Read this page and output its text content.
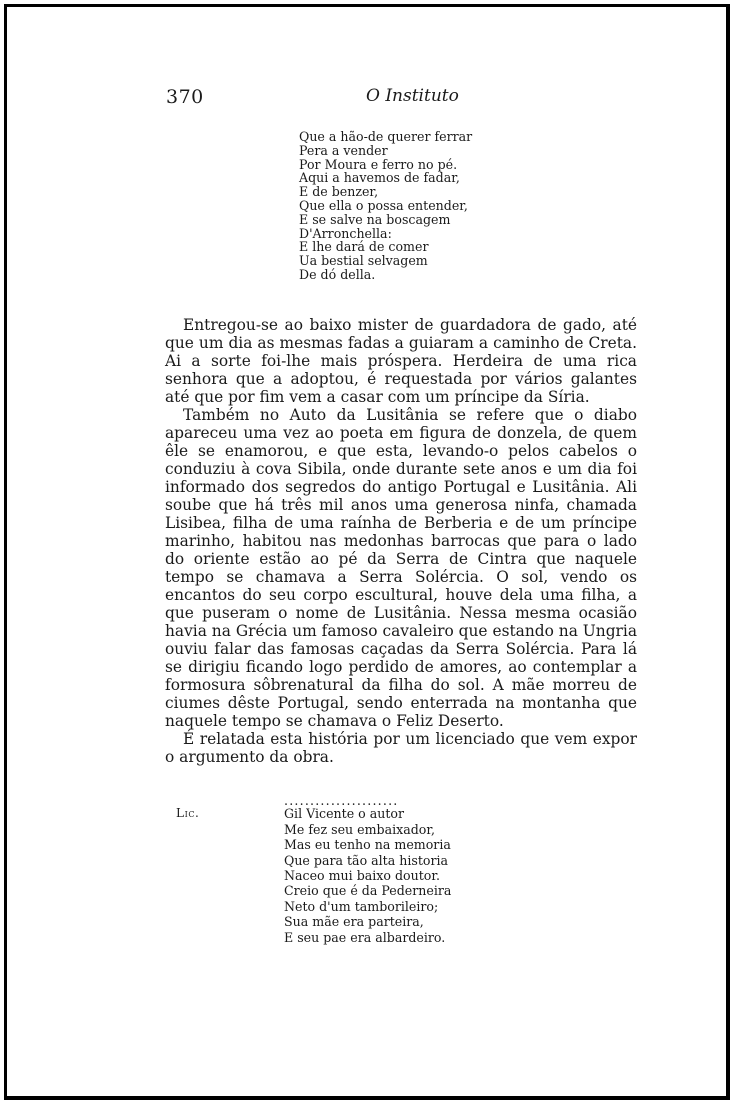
370	O Instituto
Que a hão-de querer ferrar
Pera a vender
Por Moura e ferro no pé.
Aqui a havemos de fadar,
E de benzer,
Que ella o possa entender,
E se salve na boscagem
D'Arronchella:
E lhe dará de comer
Ua bestial selvagem
De dó della.

Entregou-se ao baixo mister de guardadora de gado, até que um dia as mesmas fadas a guiaram a caminho de Creta. Ai a sorte foi-lhe mais próspera. Herdeira de uma rica senhora que a adoptou, é requestada por vários galantes até que por fim vem a casar com um príncipe da Síria.

Também no Auto da Lusitânia se refere que o diabo apareceu uma vez ao poeta em figura de donzela, de quem êle se enamorou, e que esta, levando-o pelos cabelos o conduziu à cova Sibila, onde durante sete anos e um dia foi informado dos segredos do antigo Portugal e Lusitânia. Ali soube que há três mil anos uma generosa ninfa, chamada Lisibea, filha de uma raínha de Berberia e de um príncipe marinho, habitou nas medonhas barrocas que para o lado do oriente estão ao pé da Serra de Cintra que naquele tempo se chamava a Serra Solércia. O sol, vendo os encantos do seu corpo escultural, houve dela uma filha, a que puseram o nome de Lusitânia. Nessa mesma ocasião havia na Grécia um famoso cavaleiro que estando na Ungria ouviu falar das famosas caçadas da Serra Solércia. Para lá se dirigiu ficando logo perdido de amores, ao contemplar a formosura sôbrenatural da filha do sol. A mãe morreu de ciumes dêste Portugal, sendo enterrada na montanha que naquele tempo se chamava o Feliz Deserto.

É relatada esta história por um licenciado que vem expor o argumento da obra.

Lic.
......................
Gil Vicente o autor
Me fez seu embaixador,
Mas eu tenho na memoria
Que para tão alta historia
Naceo mui baixo doutor.
Creio que é da Pederneira
Neto d'um tamborileiro;
Sua mãe era parteira,
E seu pae era albardeiro.
